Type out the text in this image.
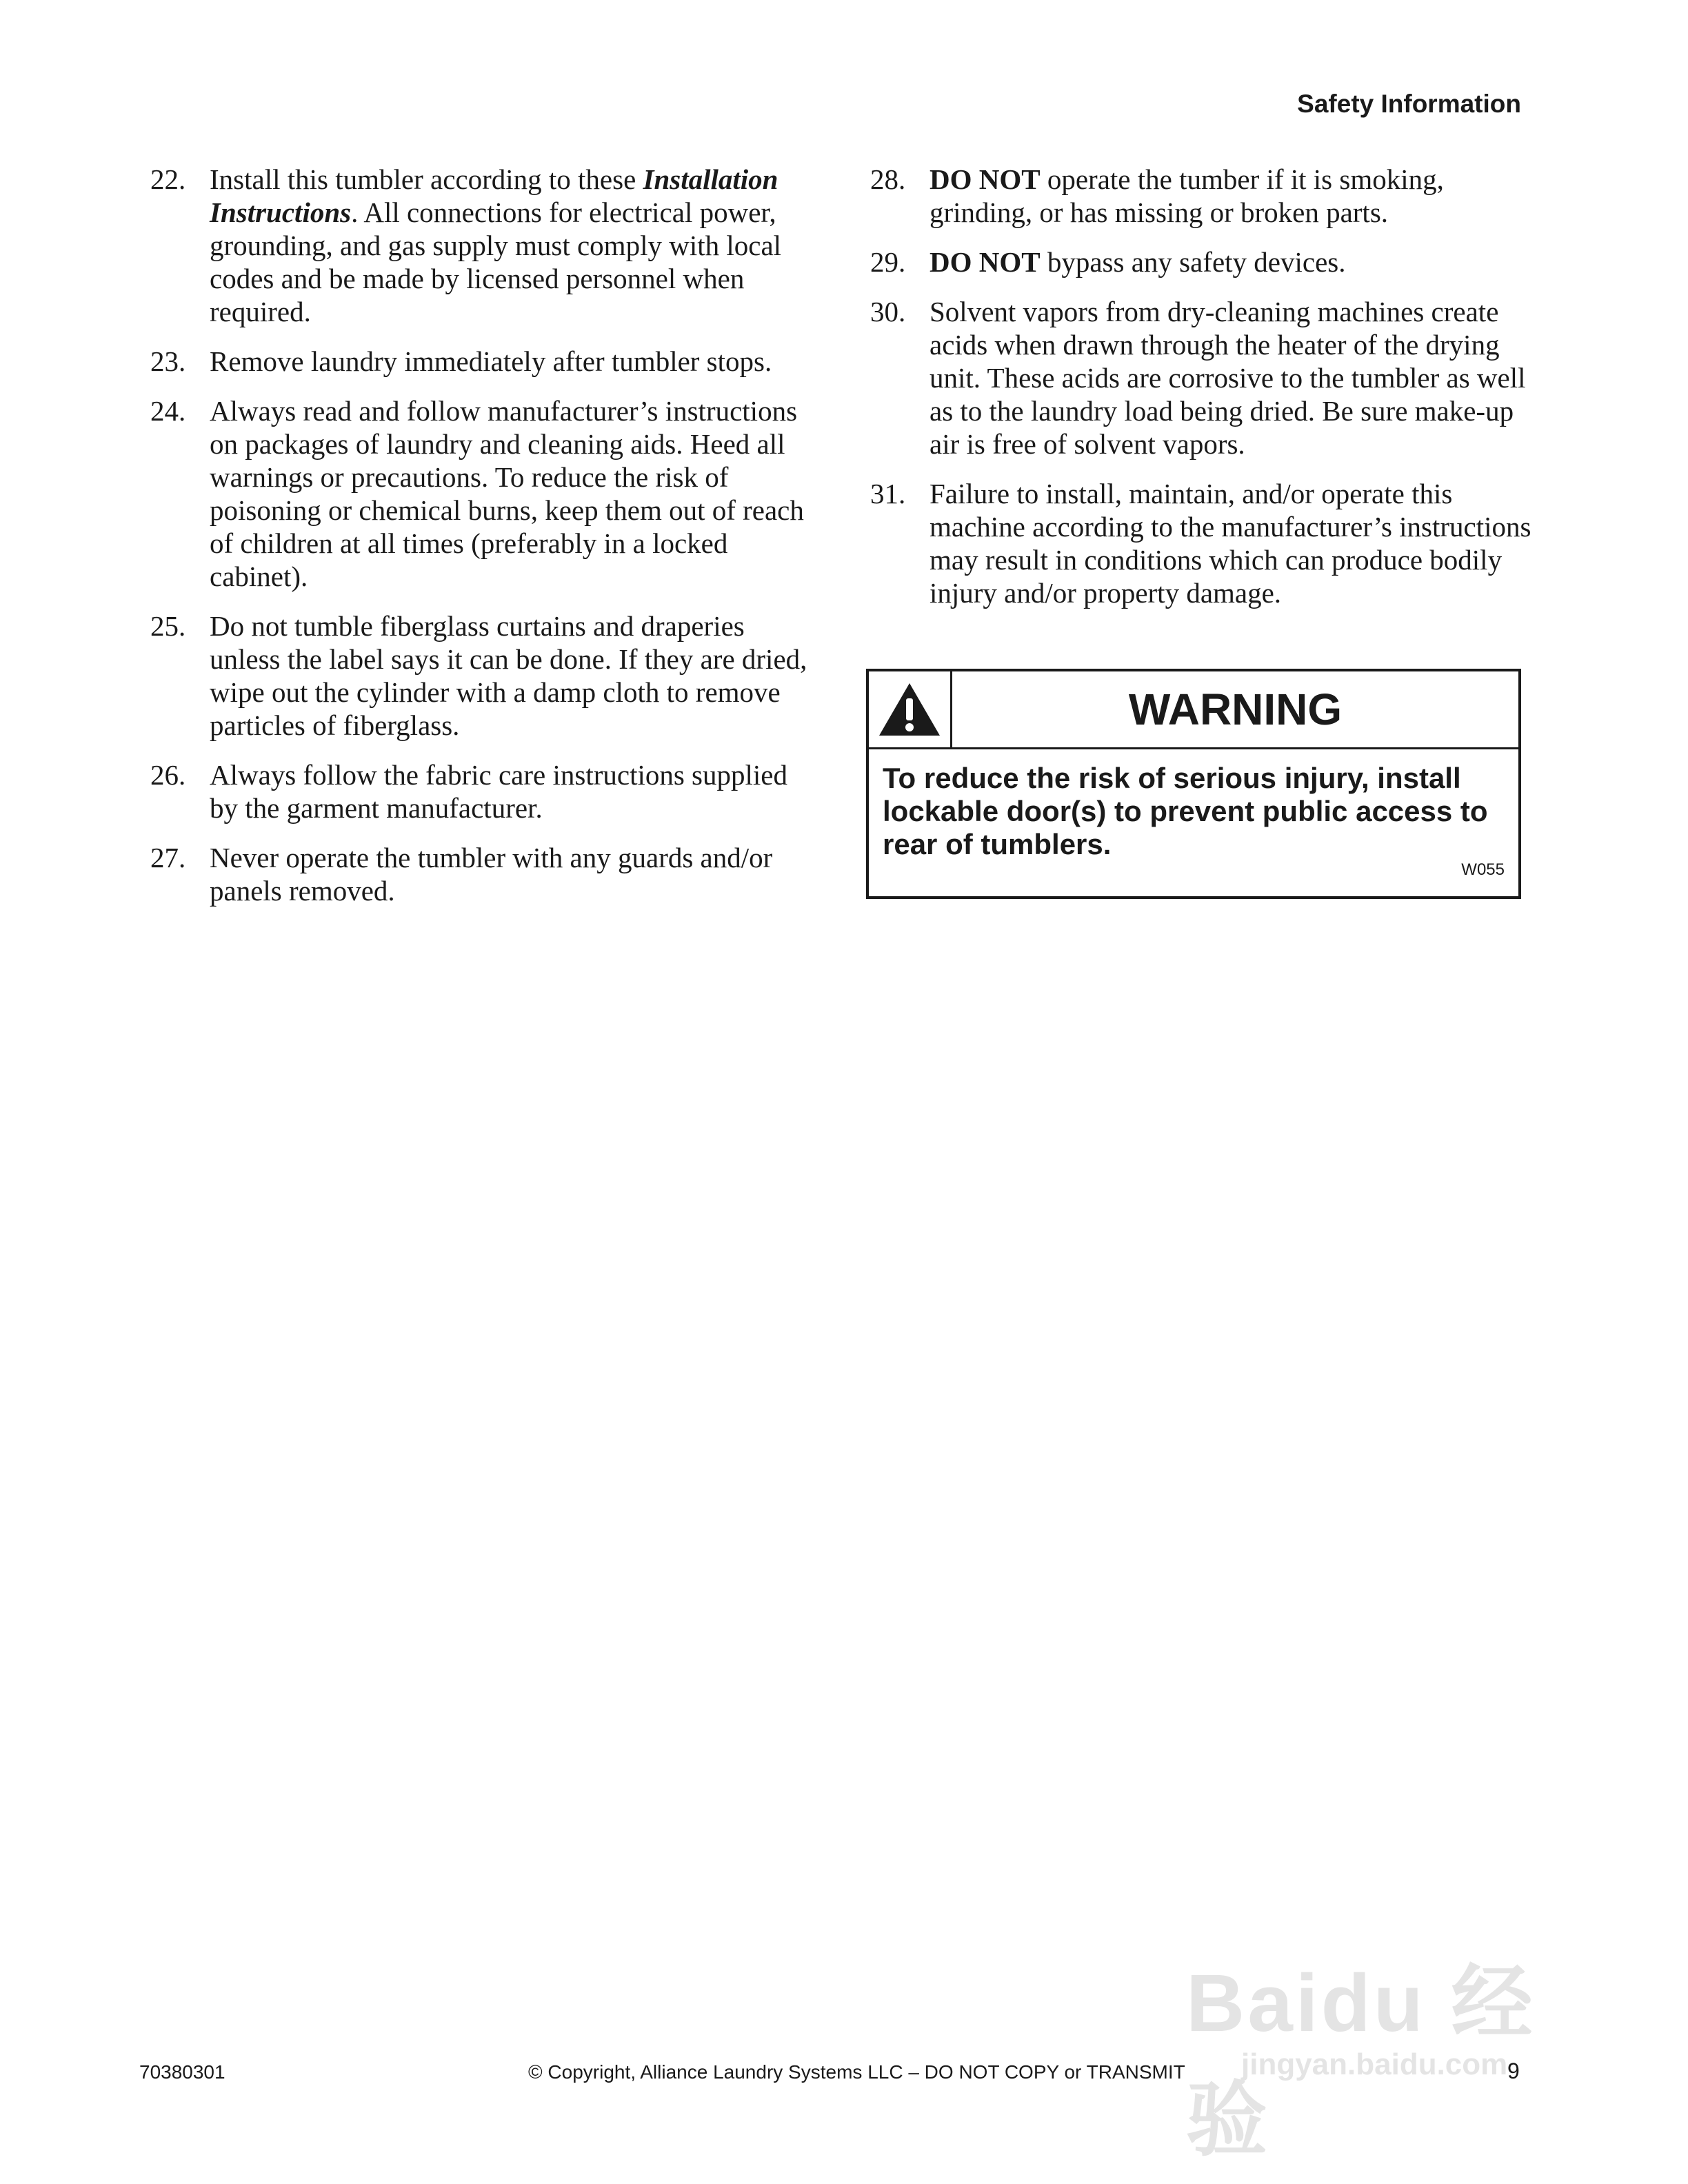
Safety Information
22. Install this tumbler according to these Installation Instructions. All connections for electrical power, grounding, and gas supply must comply with local codes and be made by licensed personnel when required.
23. Remove laundry immediately after tumbler stops.
24. Always read and follow manufacturer’s instructions on packages of laundry and cleaning aids. Heed all warnings or precautions. To reduce the risk of poisoning or chemical burns, keep them out of reach of children at all times (preferably in a locked cabinet).
25. Do not tumble fiberglass curtains and draperies unless the label says it can be done. If they are dried, wipe out the cylinder with a damp cloth to remove particles of fiberglass.
26. Always follow the fabric care instructions supplied by the garment manufacturer.
27. Never operate the tumbler with any guards and/or panels removed.
28. DO NOT operate the tumber if it is smoking, grinding, or has missing or broken parts.
29. DO NOT bypass any safety devices.
30. Solvent vapors from dry-cleaning machines create acids when drawn through the heater of the drying unit. These acids are corrosive to the tumbler as well as to the laundry load being dried. Be sure make-up air is free of solvent vapors.
31. Failure to install, maintain, and/or operate this machine according to the manufacturer’s instructions may result in conditions which can produce bodily injury and/or property damage.
WARNING
To reduce the risk of serious injury, install lockable door(s) to prevent public access to rear of tumblers.
W055
Baidu 经验
jingyan.baidu.com
70380301	© Copyright, Alliance Laundry Systems LLC – DO NOT COPY or TRANSMIT	9
